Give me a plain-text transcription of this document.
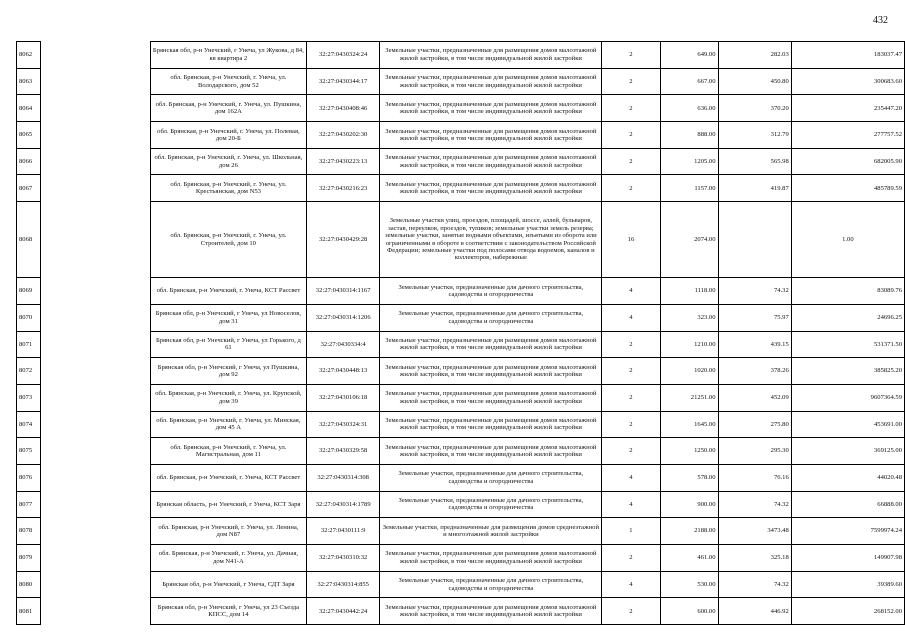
432
8062		Брянская обл, р-н Унечский, г Унеча, ул Жукова, д 84, кв квартира 2	32:27:0430324:24	Земельные участки, предназначенные для размещения домов малоэтажной жилой застройки, в том числе индивидуальной жилой застройки	2	649.00	282.03	183037.47
8063		обл. Брянская, р-н Унечский, г. Унеча, ул. Володарского, дом 52	32:27:0430344:17	Земельные участки, предназначенные для размещения домов малоэтажной жилой застройки, в том числе индивидуальной жилой застройки	2	667.00	450.80	300683.60
8064		обл. Брянская, р-н Унечский, г. Унеча, ул. Пушкина, дом 162А	32:27:0430408:46	Земельные участки, предназначенные для размещения домов малоэтажной жилой застройки, в том числе индивидуальной жилой застройки	2	636.00	370.20	235447.20
8065		обл. Брянская, р-н Унечский, г. Унеча, ул. Полевая, дом 20-Б	32:27:0430202:30	Земельные участки, предназначенные для размещения домов малоэтажной жилой застройки, в том числе индивидуальной жилой застройки	2	888.00	312.79	277757.52
8066		обл. Брянская, р-н Унечский, г. Унеча, ул. Школьная, дом 26	32:27:0430223:13	Земельные участки, предназначенные для размещения домов малоэтажной жилой застройки, в том числе индивидуальной жилой застройки	2	1205.00	565.98	682005.90
8067		обл. Брянская, р-н Унечский, г. Унеча, ул. Крестьянская, дом N53	32:27:0430216:23	Земельные участки, предназначенные для размещения домов малоэтажной жилой застройки, в том числе индивидуальной жилой застройки	2	1157.00	419.87	485789.59
8068		обл. Брянская, р-н Унечский, г. Унеча, ул. Строителей, дом 10	32:27:0430429:28	Земельные участки улиц, проездов, площадей, шоссе, аллей, бульваров, застав, переулков, проездов, тупиков; земельные участки земель резерва; земельные участки, занятые водными объектами, изъятыми из оборота или ограниченными в обороте в соответствии с законодательством Российской Федерации; земельные участки под полосами отвода водоемов, каналов и коллекторов, набережные	16	2074.00		1.00
8069		обл. Брянская, р-н Унечский, г. Унеча, КСТ Рассвет	32:27:0430314:1167	Земельные участки, предназначенные для дачного строительства, садоводства и огородничества	4	1118.00	74.32	83089.76
8070		Брянская обл, р-н Унечский, г Унеча, ул Новоселов, дом 31	32:27:0430314:1206	Земельные участки, предназначенные для дачного строительства, садоводства и огородничества	4	323.00	75.97	24696.25
8071		Брянская обл, р-н Унечский, г Унеча, ул Горького, д 61	32:27:0430334:4	Земельные участки, предназначенные для размещения домов малоэтажной жилой застройки, в том числе индивидуальной жилой застройки	2	1210.00	439.15	531371.50
8072		Брянская обл, р-н Унечский, г Унеча, ул Пушкина, дом 92	32:27:0430448:13	Земельные участки, предназначенные для размещения домов малоэтажной жилой застройки, в том числе индивидуальной жилой застройки	2	1020.00	378.26	385825.20
8073		обл. Брянская, р-н Унечский, г. Унеча, ул. Крупской, дом 39	32:27:0430106:18	Земельные участки, предназначенные для размещения домов малоэтажной жилой застройки, в том числе индивидуальной жилой застройки	2	21251.00	452.09	9607364.59
8074		обл. Брянская, р-н Унечский, г. Унеча, ул. Минская, дом 45 А	32:27:0430324:31	Земельные участки, предназначенные для размещения домов малоэтажной жилой застройки, в том числе индивидуальной жилой застройки	2	1645.00	275.80	453691.00
8075		обл. Брянская, р-н Унечский, г. Унеча, ул. Магистральная, дом 11	32:27:0430329:58	Земельные участки, предназначенные для размещения домов малоэтажной жилой застройки, в том числе индивидуальной жилой застройки	2	1250.00	295.30	369125.00
8076		обл. Брянская, р-н Унечский, г. Унеча, КСТ Рассвет	32:27:0430314:308	Земельные участки, предназначенные для дачного строительства, садоводства и огородничества	4	578.00	76.16	44020.48
8077		Брянская область, р-н Унечский, г Унеча, КСТ Заря	32:27:0430314:1789	Земельные участки, предназначенные для дачного строительства, садоводства и огородничества	4	900.00	74.32	66888.00
8078		обл. Брянская, р-н Унечский, г. Унеча, ул. Ленина, дом N87	32:27:0430111:9	Земельные участки, предназначенные для размещения домов среднеэтажной и многоэтажной жилой застройки	1	2188.00	3473.48	7599974.24
8079		обл. Брянская, р-н Унечский, г. Унеча, ул. Дачная, дом N41-А	32:27:0430310:32	Земельные участки, предназначенные для размещения домов малоэтажной жилой застройки, в том числе индивидуальной жилой застройки	2	461.00	325.18	149907.98
8080		Брянская обл, р-н Унечский, г Унеча, СДТ Заря	32:27:0430314:855	Земельные участки, предназначенные для дачного строительства, садоводства и огородничества	4	530.00	74.32	39389.60
8081		Брянская обл, р-н Унечский, г Унеча, ул 23 Съезда КПСС, дом 14	32:27:0430442:24	Земельные участки, предназначенные для размещения домов малоэтажной жилой застройки, в том числе индивидуальной жилой застройки	2	600.00	446.92	268152.00
